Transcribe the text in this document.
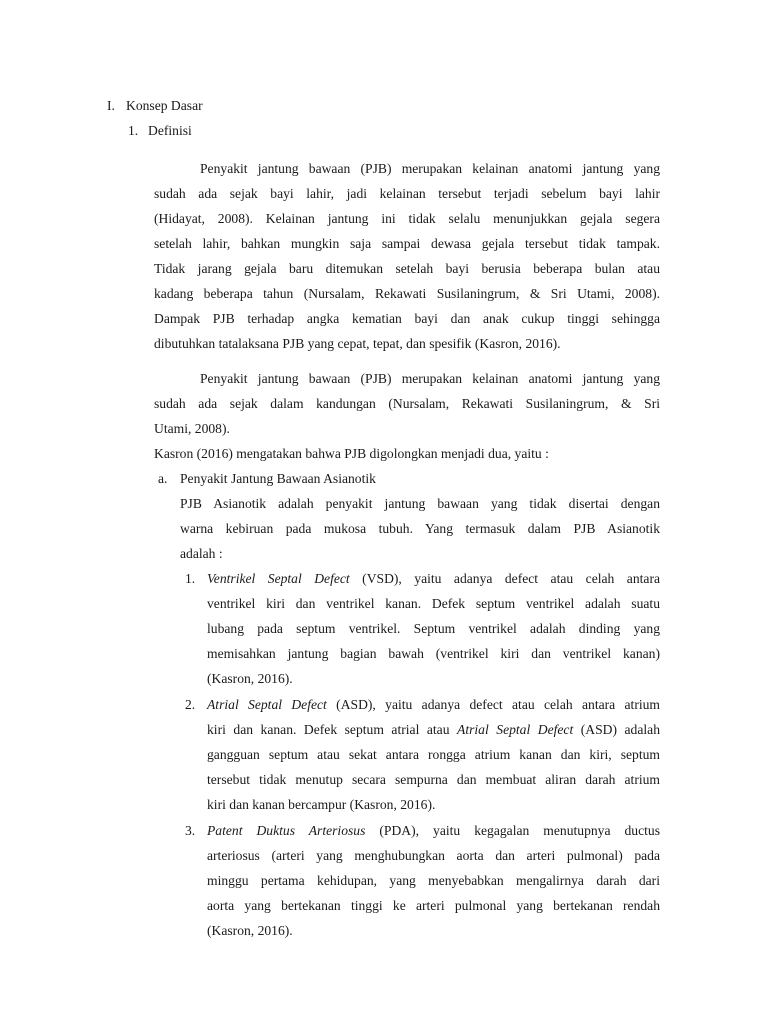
I. Konsep Dasar
1. Definisi
Penyakit jantung bawaan (PJB) merupakan kelainan anatomi jantung yang
sudah ada sejak bayi lahir, jadi kelainan tersebut terjadi sebelum bayi lahir
(Hidayat, 2008). Kelainan jantung ini tidak selalu menunjukkan gejala segera
setelah lahir, bahkan mungkin saja sampai dewasa gejala tersebut tidak tampak.
Tidak jarang gejala baru ditemukan setelah bayi berusia beberapa bulan atau
kadang beberapa tahun (Nursalam, Rekawati Susilaningrum, & Sri Utami, 2008).
Dampak PJB terhadap angka kematian bayi dan anak cukup tinggi sehingga
dibutuhkan tatalaksana PJB yang cepat, tepat, dan spesifik (Kasron, 2016).
Penyakit jantung bawaan (PJB) merupakan kelainan anatomi jantung yang
sudah ada sejak dalam kandungan (Nursalam, Rekawati Susilaningrum, & Sri
Utami, 2008).
Kasron (2016) mengatakan bahwa PJB digolongkan menjadi dua, yaitu :
a. Penyakit Jantung Bawaan Asianotik
PJB Asianotik adalah penyakit jantung bawaan yang tidak disertai dengan
warna kebiruan pada mukosa tubuh. Yang termasuk dalam PJB Asianotik
adalah :
1. Ventrikel Septal Defect (VSD), yaitu adanya defect atau celah antara
ventrikel kiri dan ventrikel kanan. Defek septum ventrikel adalah suatu
lubang pada septum ventrikel. Septum ventrikel adalah dinding yang
memisahkan jantung bagian bawah (ventrikel kiri dan ventrikel kanan)
(Kasron, 2016).
2. Atrial Septal Defect (ASD), yaitu adanya defect atau celah antara atrium
kiri dan kanan. Defek septum atrial atau Atrial Septal Defect (ASD) adalah
gangguan septum atau sekat antara rongga atrium kanan dan kiri, septum
tersebut tidak menutup secara sempurna dan membuat aliran darah atrium
kiri dan kanan bercampur (Kasron, 2016).
3. Patent Duktus Arteriosus (PDA), yaitu kegagalan menutupnya ductus
arteriosus (arteri yang menghubungkan aorta dan arteri pulmonal) pada
minggu pertama kehidupan, yang menyebabkan mengalirnya darah dari
aorta yang bertekanan tinggi ke arteri pulmonal yang bertekanan rendah
(Kasron, 2016).
